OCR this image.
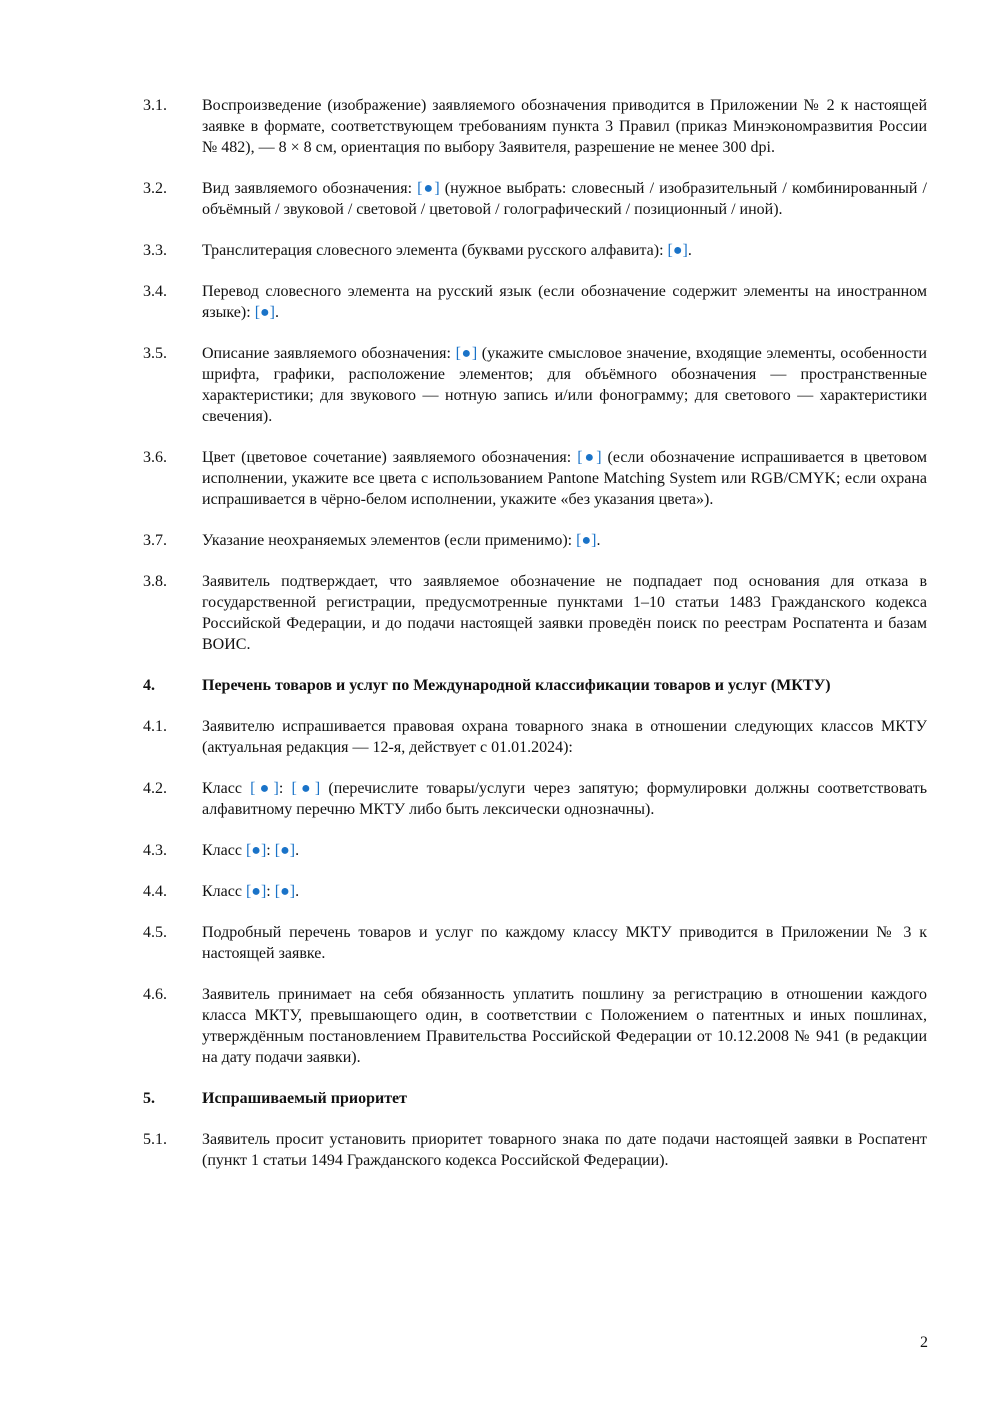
3.1.	Воспроизведение (изображение) заявляемого обозначения приводится в Приложении № 2 к настоящей заявке в формате, соответствующем требованиям пункта 3 Правил (приказ Минэкономразвития России № 482), — 8 × 8 см, ориентация по выбору Заявителя, разрешение не менее 300 dpi.
3.2.	Вид заявляемого обозначения: [●] (нужное выбрать: словесный / изобразительный / комбинированный / объёмный / звуковой / световой / цветовой / голографический / позиционный / иной).
3.3.	Транслитерация словесного элемента (буквами русского алфавита): [●].
3.4.	Перевод словесного элемента на русский язык (если обозначение содержит элементы на иностранном языке): [●].
3.5.	Описание заявляемого обозначения: [●] (укажите смысловое значение, входящие элементы, особенности шрифта, графики, расположение элементов; для объёмного обозначения — пространственные характеристики; для звукового — нотную запись и/или фонограмму; для светового — характеристики свечения).
3.6.	Цвет (цветовое сочетание) заявляемого обозначения: [●] (если обозначение испрашивается в цветовом исполнении, укажите все цвета с использованием Pantone Matching System или RGB/CMYK; если охрана испрашивается в чёрно-белом исполнении, укажите «без указания цвета»).
3.7.	Указание неохраняемых элементов (если применимо): [●].
3.8.	Заявитель подтверждает, что заявляемое обозначение не подпадает под основания для отказа в государственной регистрации, предусмотренные пунктами 1–10 статьи 1483 Гражданского кодекса Российской Федерации, и до подачи настоящей заявки проведён поиск по реестрам Роспатента и базам ВОИС.
4.	Перечень товаров и услуг по Международной классификации товаров и услуг (МКТУ)
4.1.	Заявителю испрашивается правовая охрана товарного знака в отношении следующих классов МКТУ (актуальная редакция — 12-я, действует с 01.01.2024):
4.2.	Класс [●]: [●] (перечислите товары/услуги через запятую; формулировки должны соответствовать алфавитному перечню МКТУ либо быть лексически однозначны).
4.3.	Класс [●]: [●].
4.4.	Класс [●]: [●].
4.5.	Подробный перечень товаров и услуг по каждому классу МКТУ приводится в Приложении № 3 к настоящей заявке.
4.6.	Заявитель принимает на себя обязанность уплатить пошлину за регистрацию в отношении каждого класса МКТУ, превышающего один, в соответствии с Положением о патентных и иных пошлинах, утверждённым постановлением Правительства Российской Федерации от 10.12.2008 № 941 (в редакции на дату подачи заявки).
5.	Испрашиваемый приоритет
5.1.	Заявитель просит установить приоритет товарного знака по дате подачи настоящей заявки в Роспатент (пункт 1 статьи 1494 Гражданского кодекса Российской Федерации).
2
